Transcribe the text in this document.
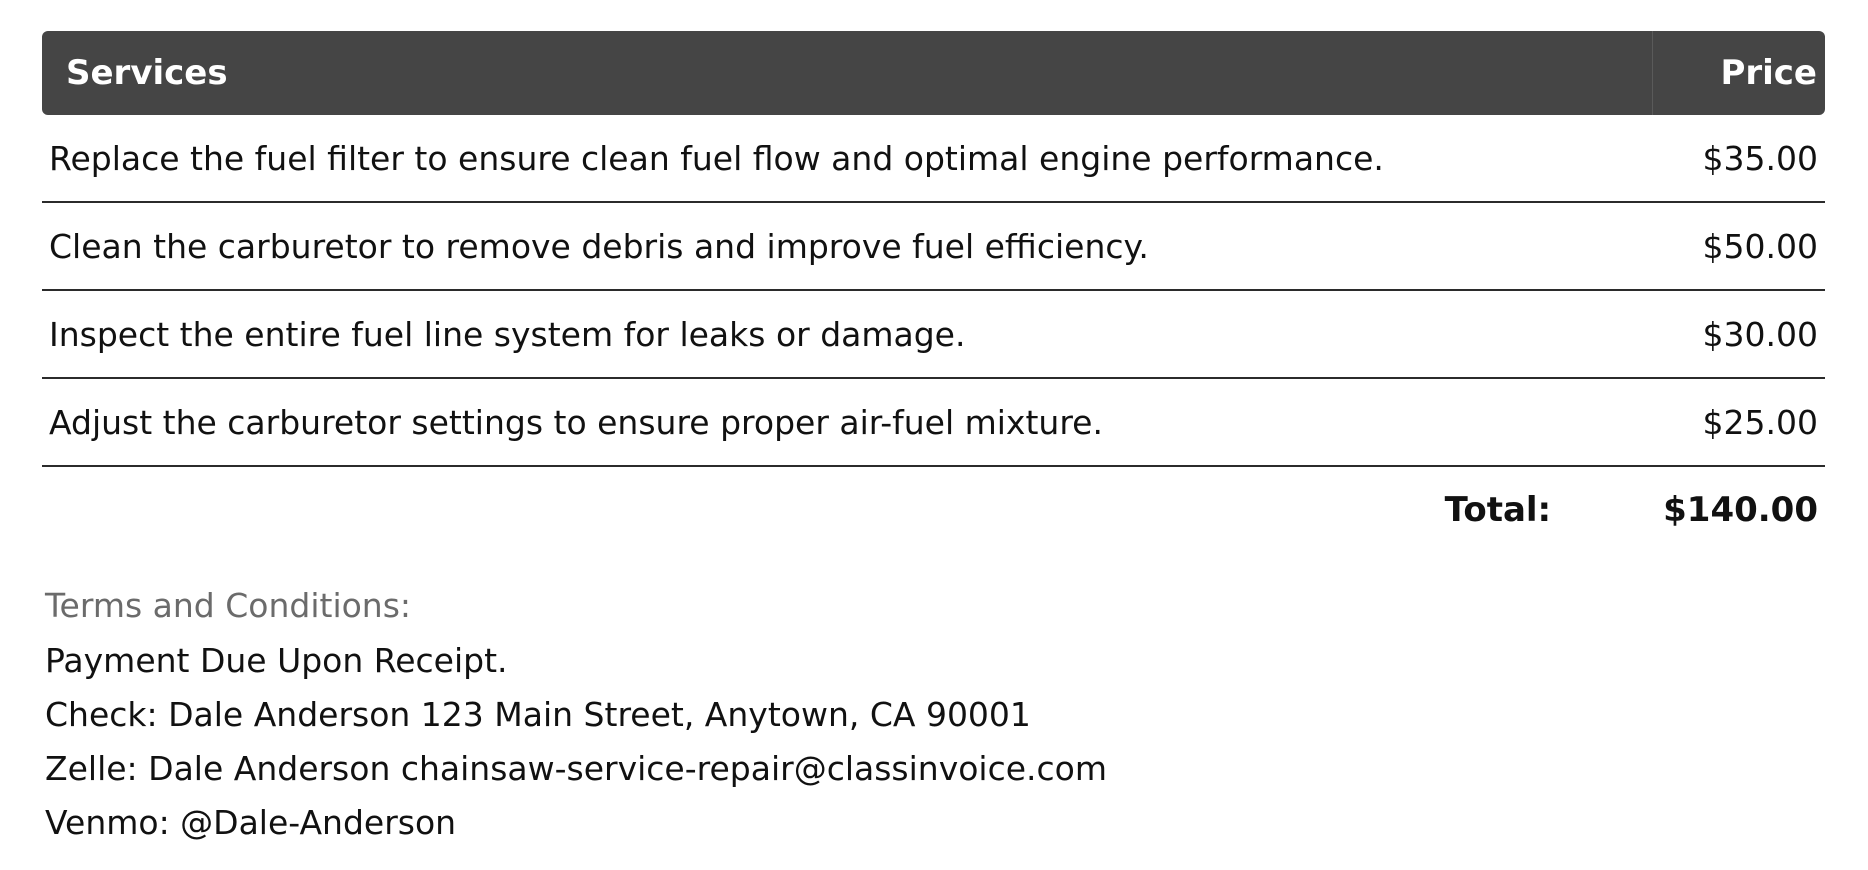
Services	Price
Replace the fuel filter to ensure clean fuel flow and optimal engine performance.	$35.00
Clean the carburetor to remove debris and improve fuel efficiency.	$50.00
Inspect the entire fuel line system for leaks or damage.	$30.00
Adjust the carburetor settings to ensure proper air-fuel mixture.	$25.00
Total:	$140.00
Terms and Conditions:
Payment Due Upon Receipt.
Check: Dale Anderson 123 Main Street, Anytown, CA 90001
Zelle: Dale Anderson chainsaw-service-repair@classinvoice.com
Venmo: @Dale-Anderson
